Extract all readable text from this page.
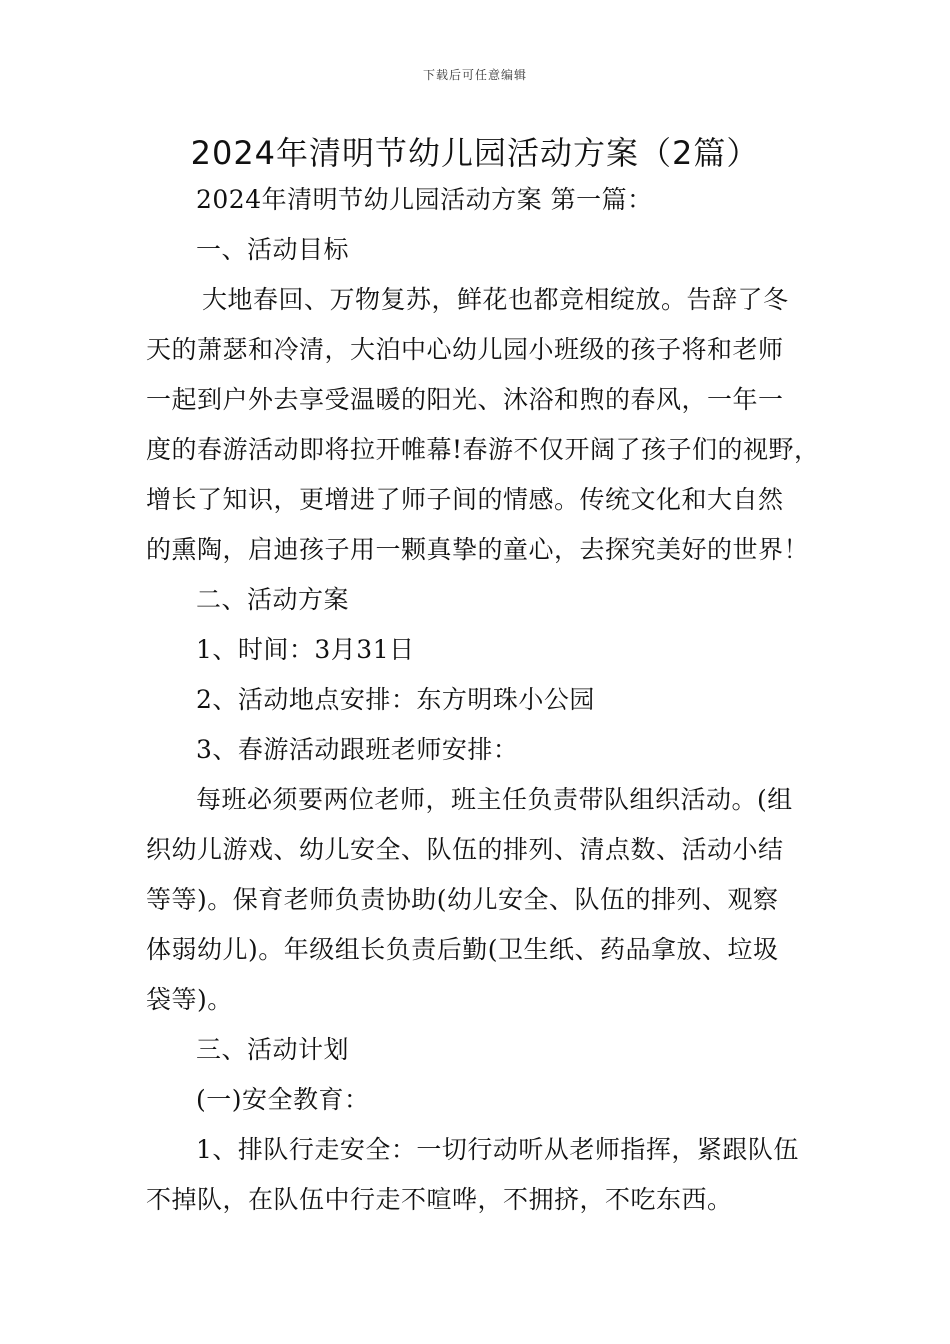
下载后可任意编辑
2024年清明节幼儿园活动方案（2篇）
2024年清明节幼儿园活动方案 第一篇：
一、活动目标
大地春回、万物复苏，鲜花也都竞相绽放。告辞了冬
天的萧瑟和冷清，大泊中心幼儿园小班级的孩子将和老师
一起到户外去享受温暖的阳光、沐浴和煦的春风，一年一
度的春游活动即将拉开帷幕!春游不仅开阔了孩子们的视野，
增长了知识，更增进了师子间的情感。传统文化和大自然
的熏陶，启迪孩子用一颗真挚的童心，去探究美好的世界！
二、活动方案
1、时间：3月31日
2、活动地点安排：东方明珠小公园
3、春游活动跟班老师安排：
每班必须要两位老师，班主任负责带队组织活动。(组
织幼儿游戏、幼儿安全、队伍的排列、清点数、活动小结
等等)。保育老师负责协助(幼儿安全、队伍的排列、观察
体弱幼儿)。年级组长负责后勤(卫生纸、药品拿放、垃圾
袋等)。
三、活动计划
(一)安全教育：
1、排队行走安全：一切行动听从老师指挥，紧跟队伍
不掉队，在队伍中行走不喧哗，不拥挤，不吃东西。
